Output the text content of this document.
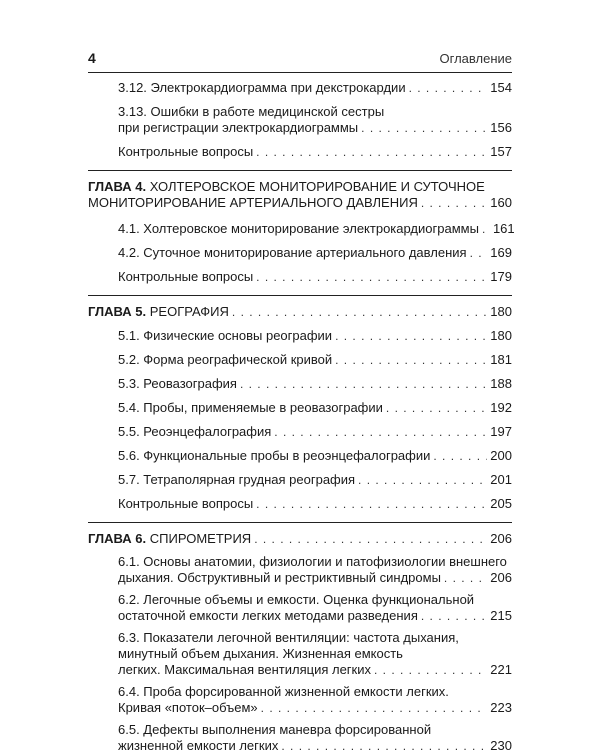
4	Оглавление
3.12. Электрокардиограмма при декстрокардии . . .	154
3.13. Ошибки в работе медицинской сестры
при регистрации электрокардиограммы . . .	156
Контрольные вопросы . . .	157
ГЛАВА 4.
ХОЛТЕРОВСКОЕ МОНИТОРИРОВАНИЕ И СУТОЧНОЕ
МОНИТОРИРОВАНИЕ АРТЕРИАЛЬНОГО ДАВЛЕНИЯ . . .	160
4.1. Холтеровское мониторирование электрокардиограммы . . . 161
4.2. Суточное мониторирование артериального давления . . . 169
Контрольные вопросы . . .	179
ГЛАВА 5.
РЕОГРАФИЯ . . .	180
5.1. Физические основы реографии . . .	180
5.2. Форма реографической кривой . . .	181
5.3. Реовазография . . .	188
5.4. Пробы, применяемые в реовазографии . . .	192
5.5. Реоэнцефалография . . .	197
5.6. Функциональные пробы в реоэнцефалографии . . .	200
5.7. Тетраполярная грудная реография . . .	201
Контрольные вопросы . . .	205
ГЛАВА 6.
СПИРОМЕТРИЯ . . .	206
6.1. Основы анатомии, физиологии и патофизиологии внешнего
дыхания. Обструктивный и рестриктивный синдромы . . .	206
6.2. Легочные объемы и емкости. Оценка функциональной
остаточной емкости легких методами разведения . . .	215
6.3. Показатели легочной вентиляции: частота дыхания,
минутный объем дыхания. Жизненная емкость
легких. Максимальная вентиляция легких . . .	221
6.4. Проба форсированной жизненной емкости легких.
Кривая «поток–объем» . . .	223
6.5. Дефекты выполнения маневра форсированной
жизненной емкости легких . . .	230
